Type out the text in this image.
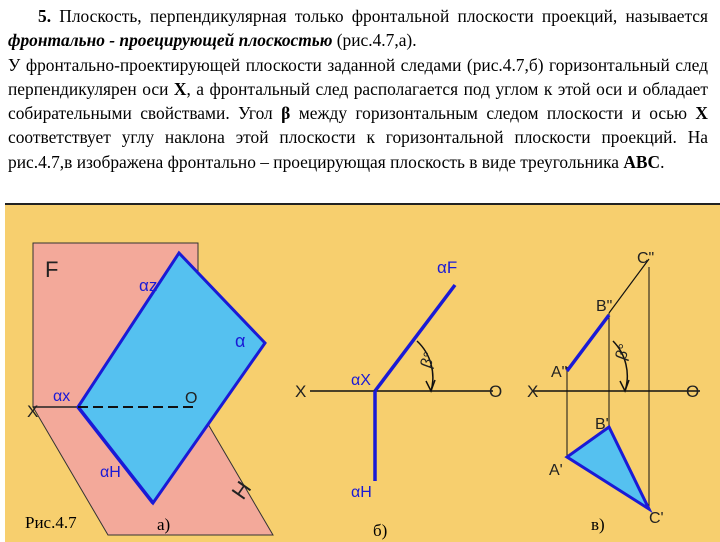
5. Плоскость, перпендикулярная только фронтальной плоскости проекций, называется фронтально - проецирующей плоскостью (рис.4.7,а).

У фронтально-проектирующей плоскости заданной следами (рис.4.7,б) горизонтальный след перпендикулярен оси X, а фронтальный след располагается под углом к этой оси и обладает собирательными свойствами. Угол β между горизонтальным следом плоскости и осью X соответствует углу наклона этой плоскости к горизонтальной плоскости проекций. На рис.4.7,в изображена фронтально – проецирующая плоскость в виде треугольника ABC.

F
αz
α
αx	O
X
αH
H
X	O
αF
αX
αH
β°
X	O
C"
B"
A"
B'
A'
C'
β°
Рис.4.7	а)	б)	в)
